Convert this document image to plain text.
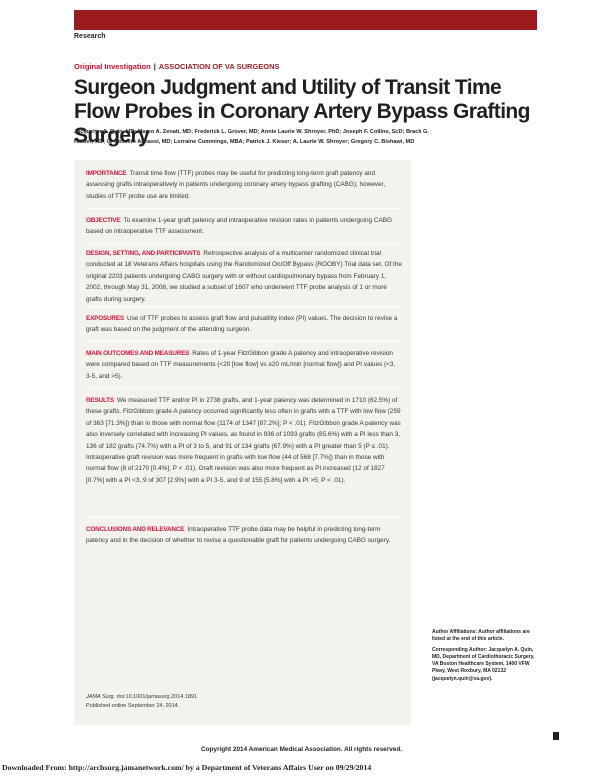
Research
Original Investigation | ASSOCIATION OF VA SURGEONS
Surgeon Judgment and Utility of Transit Time Flow Probes in Coronary Artery Bypass Grafting Surgery
Jacquelyn A. Quin, MD; Marco A. Zenati, MD; Frederick L. Grover, MD; Annie Laurie W. Shroyer, PhD; Joseph F. Collins, ScD; Brack G. Hattler, MD; G. Hossein Almassi, MD; Lorraine Cummings, MBA; Patrick J. Kieser; A. Laurie W. Shroyer; Gregory C. Bishawi, MD
IMPORTANCE Transit time flow (TTF) probes may be useful for predicting long-term graft patency and assessing grafts intraoperatively in patients undergoing coronary artery bypass grafting (CABG); however, studies of TTF probe use are limited.
OBJECTIVE To examine 1-year graft patency and intraoperative revision rates in patients undergoing CABG based on intraoperative TTF assessment.
DESIGN, SETTING, AND PARTICIPANTS Retrospective analysis of a multicenter randomized clinical trial conducted at 18 Veterans Affairs hospitals using the Randomized On/Off Bypass (ROOBY) Trial data set. Of the original 2203 patients undergoing CABG surgery with or without cardiopulmonary bypass from February 1, 2002, through May 31, 2008, we studied a subset of 1607 who underwent TTF probe analysis of 1 or more grafts during surgery.
EXPOSURES Use of TTF probes to assess graft flow and pulsatility index (PI) values. The decision to revise a graft was based on the judgment of the attending surgeon.
MAIN OUTCOMES AND MEASURES Rates of 1-year FitzGibbon grade A patency and intraoperative revision were compared based on TTF measurements (<20 [low flow] vs ≥20 mL/min [normal flow]) and PI values (<3, 3-5, and >5).
RESULTS We measured TTF and/or PI in 2738 grafts, and 1-year patency was determined in 1710 (62.5%) of these grafts. FitzGibbon grade A patency occurred significantly less often in grafts with a TTF with low flow (259 of 363 [71.3%]) than in those with normal flow (1174 of 1347 [87.2%]; P < .01). FitzGibbon grade A patency was also inversely correlated with increasing PI values, as found in 936 of 1093 grafts (85.6%) with a PI less than 3, 136 of 182 grafts (74.7%) with a PI of 3 to 5, and 91 of 134 grafts (67.9%) with a PI greater than 5 (P ≤ .01). Intraoperative graft revision was more frequent in grafts with low flow (44 of 568 [7.7%]) than in those with normal flow (8 of 2170 [0.4%]; P < .01). Graft revision was also more frequent as PI increased (12 of 1827 [0.7%] with a PI <3, 9 of 307 [2.9%] with a PI 3-5, and 9 of 155 [5.8%] with a PI >5; P < .01).
CONCLUSIONS AND RELEVANCE Intraoperative TTF probe data may be helpful in predicting long-term patency and in the decision of whether to revise a questionable graft for patients undergoing CABG surgery.
JAMA Surg. doi:10.1001/jamasurg.2014.1891
Published online September 24, 2014.

Author Affiliations: Author affiliations are listed at the end of this article.

Corresponding Author: Jacquelyn A. Quin, MD, Department of Cardiothoracic Surgery, VA Boston Healthcare System, 1400 VFW Pkwy, West Roxbury, MA 02132 (jacquelyn.quin@va.gov).

Copyright 2014 American Medical Association. All rights reserved.
Downloaded From: http://archsurg.jamanetwork.com/ by a Department of Veterans Affairs User on 09/29/2014
